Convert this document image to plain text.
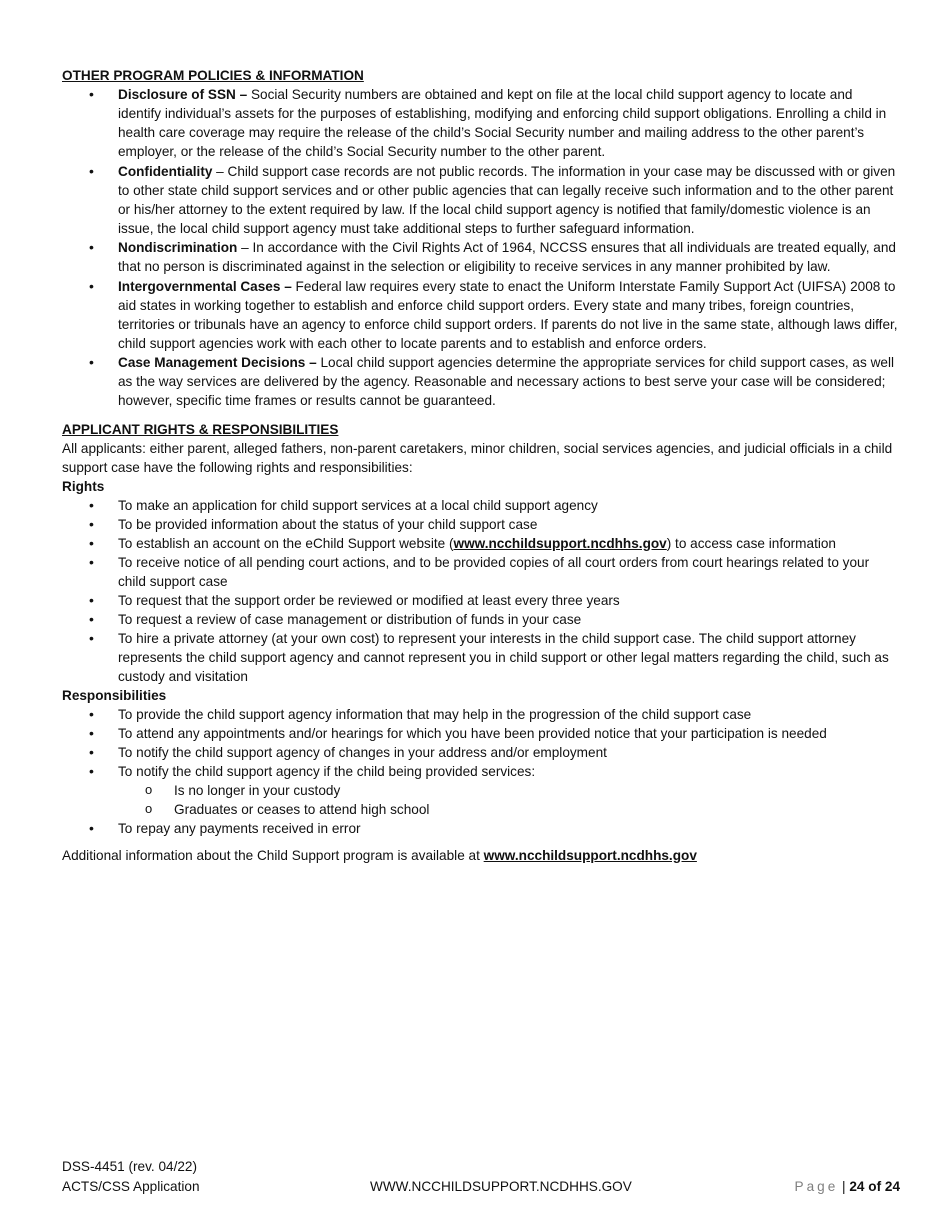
OTHER PROGRAM POLICIES & INFORMATION
• Disclosure of SSN – Social Security numbers are obtained and kept on file at the local child support agency to locate and identify individual’s assets for the purposes of establishing, modifying and enforcing child support obligations. Enrolling a child in health care coverage may require the release of the child’s Social Security number and mailing address to the other parent’s employer, or the release of the child’s Social Security number to the other parent.
• Confidentiality – Child support case records are not public records. The information in your case may be discussed with or given to other state child support services and or other public agencies that can legally receive such information and to the other parent or his/her attorney to the extent required by law. If the local child support agency is notified that family/domestic violence is an issue, the local child support agency must take additional steps to further safeguard information.
• Nondiscrimination – In accordance with the Civil Rights Act of 1964, NCCSS ensures that all individuals are treated equally, and that no person is discriminated against in the selection or eligibility to receive services in any manner prohibited by law.
• Intergovernmental Cases – Federal law requires every state to enact the Uniform Interstate Family Support Act (UIFSA) 2008 to aid states in working together to establish and enforce child support orders. Every state and many tribes, foreign countries, territories or tribunals have an agency to enforce child support orders. If parents do not live in the same state, although laws differ, child support agencies work with each other to locate parents and to establish and enforce orders.
• Case Management Decisions – Local child support agencies determine the appropriate services for child support cases, as well as the way services are delivered by the agency. Reasonable and necessary actions to best serve your case will be considered; however, specific time frames or results cannot be guaranteed.
APPLICANT RIGHTS & RESPONSIBILITIES
All applicants: either parent, alleged fathers, non-parent caretakers, minor children, social services agencies, and judicial officials in a child support case have the following rights and responsibilities:
Rights
• To make an application for child support services at a local child support agency
• To be provided information about the status of your child support case
• To establish an account on the eChild Support website (www.ncchildsupport.ncdhhs.gov) to access case information
• To receive notice of all pending court actions, and to be provided copies of all court orders from court hearings related to your child support case
• To request that the support order be reviewed or modified at least every three years
• To request a review of case management or distribution of funds in your case
• To hire a private attorney (at your own cost) to represent your interests in the child support case. The child support attorney represents the child support agency and cannot represent you in child support or other legal matters regarding the child, such as custody and visitation
Responsibilities
• To provide the child support agency information that may help in the progression of the child support case
• To attend any appointments and/or hearings for which you have been provided notice that your participation is needed
• To notify the child support agency of changes in your address and/or employment
• To notify the child support agency if the child being provided services:
o Is no longer in your custody
o Graduates or ceases to attend high school
• To repay any payments received in error
Additional information about the Child Support program is available at www.ncchildsupport.ncdhhs.gov
DSS-4451 (rev. 04/22)
ACTS/CSS Application	WWW.NCCHILDSUPPORT.NCDHHS.GOV	Page | 24 of 24
